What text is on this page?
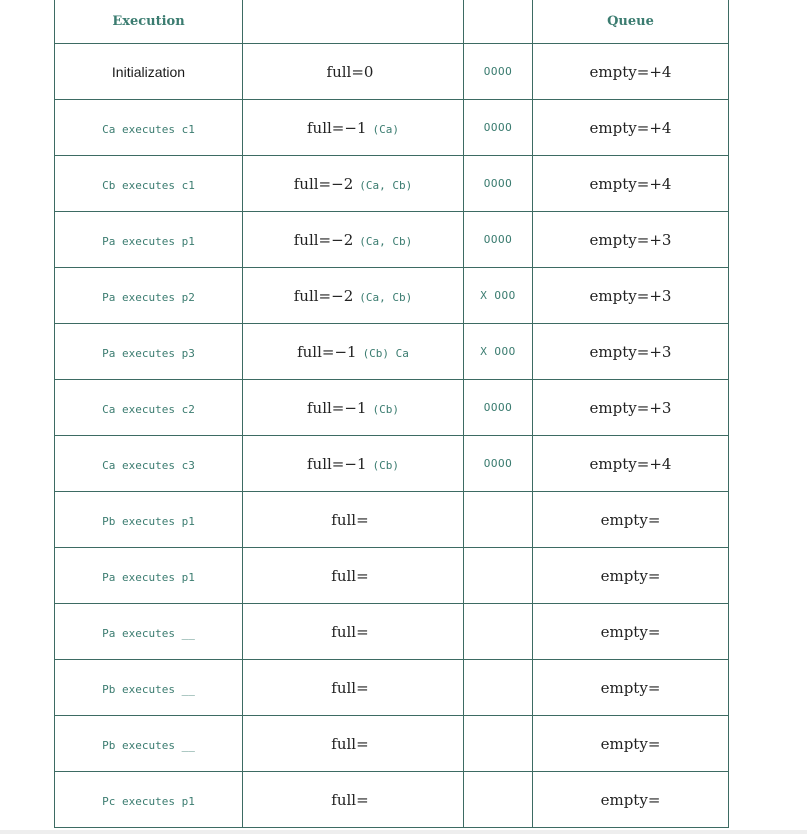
Execution			Queue
Initialization	full=0	OOOO	empty=+4
Ca executes c1	full=−1 (Ca)	OOOO	empty=+4
Cb executes c1	full=−2 (Ca, Cb)	OOOO	empty=+4
Pa executes p1	full=−2 (Ca, Cb)	OOOO	empty=+3
Pa executes p2	full=−2 (Ca, Cb)	X OOO	empty=+3
Pa executes p3	full=−1 (Cb) Ca	X OOO	empty=+3
Ca executes c2	full=−1 (Cb)	OOOO	empty=+3
Ca executes c3	full=−1 (Cb)	OOOO	empty=+4
Pb executes p1	full=		empty=
Pa executes p1	full=		empty=
Pa executes __	full=		empty=
Pb executes __	full=		empty=
Pb executes __	full=		empty=
Pc executes p1	full=		empty=
